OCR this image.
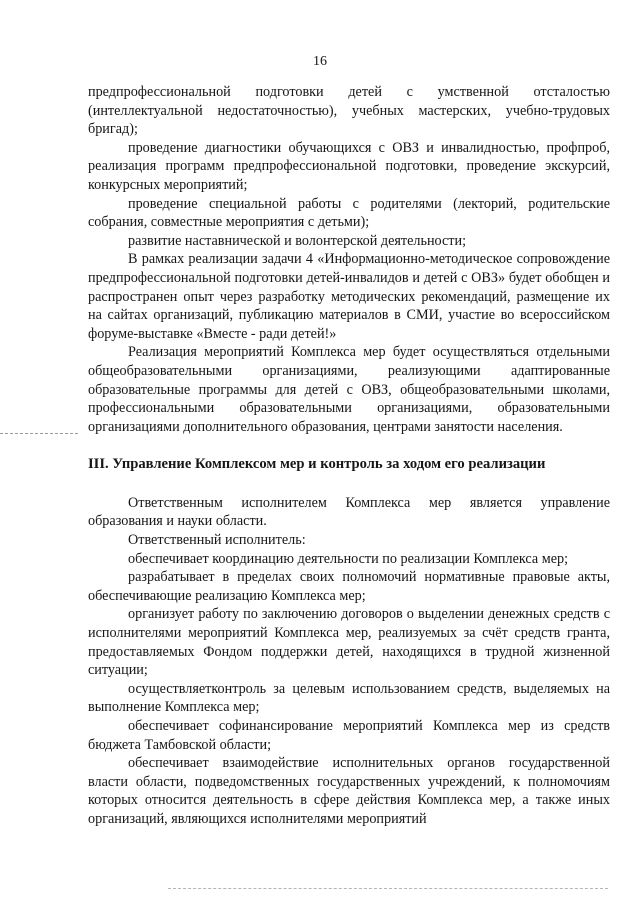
16

предпрофессиональной подготовки детей с умственной отсталостью (интеллектуальной недостаточностью), учебных мастерских, учебно-трудовых бригад);

проведение диагностики обучающихся с ОВЗ и инвалидностью, профпроб, реализация программ предпрофессиональной подготовки, проведение экскурсий, конкурсных мероприятий;

проведение специальной работы с родителями (лекторий, родительские собрания, совместные мероприятия с детьми);

развитие наставнической и волонтерской деятельности;

В рамках реализации задачи 4 «Информационно-методическое сопровождение предпрофессиональной подготовки детей-инвалидов и детей с ОВЗ» будет обобщен и распространен опыт через разработку методических рекомендаций, размещение их на сайтах организаций, публикацию материалов в СМИ, участие во всероссийском форуме-выставке «Вместе - ради детей!»

Реализация мероприятий Комплекса мер будет осуществляться отдельными общеобразовательными организациями, реализующими адаптированные образовательные программы для детей с ОВЗ, общеобразовательными школами, профессиональными образовательными организациями, образовательными организациями дополнительного образования, центрами занятости населения.

III. Управление Комплексом мер и контроль за ходом его реализации

Ответственным исполнителем Комплекса мер является управление образования и науки области.

Ответственный исполнитель:

обеспечивает координацию деятельности по реализации Комплекса мер;

разрабатывает в пределах своих полномочий нормативные правовые акты, обеспечивающие реализацию Комплекса мер;

организует работу по заключению договоров о выделении денежных средств с исполнителями мероприятий Комплекса мер, реализуемых за счёт средств гранта, предоставляемых Фондом поддержки детей, находящихся в трудной жизненной ситуации;

осуществляетконтроль за целевым использованием средств, выделяемых на выполнение Комплекса мер;

обеспечивает софинансирование мероприятий Комплекса мер из средств бюджета Тамбовской области;

обеспечивает взаимодействие исполнительных органов государственной власти области, подведомственных государственных учреждений, к полномочиям которых относится деятельность в сфере действия Комплекса мер, а также иных организаций, являющихся исполнителями мероприятий
